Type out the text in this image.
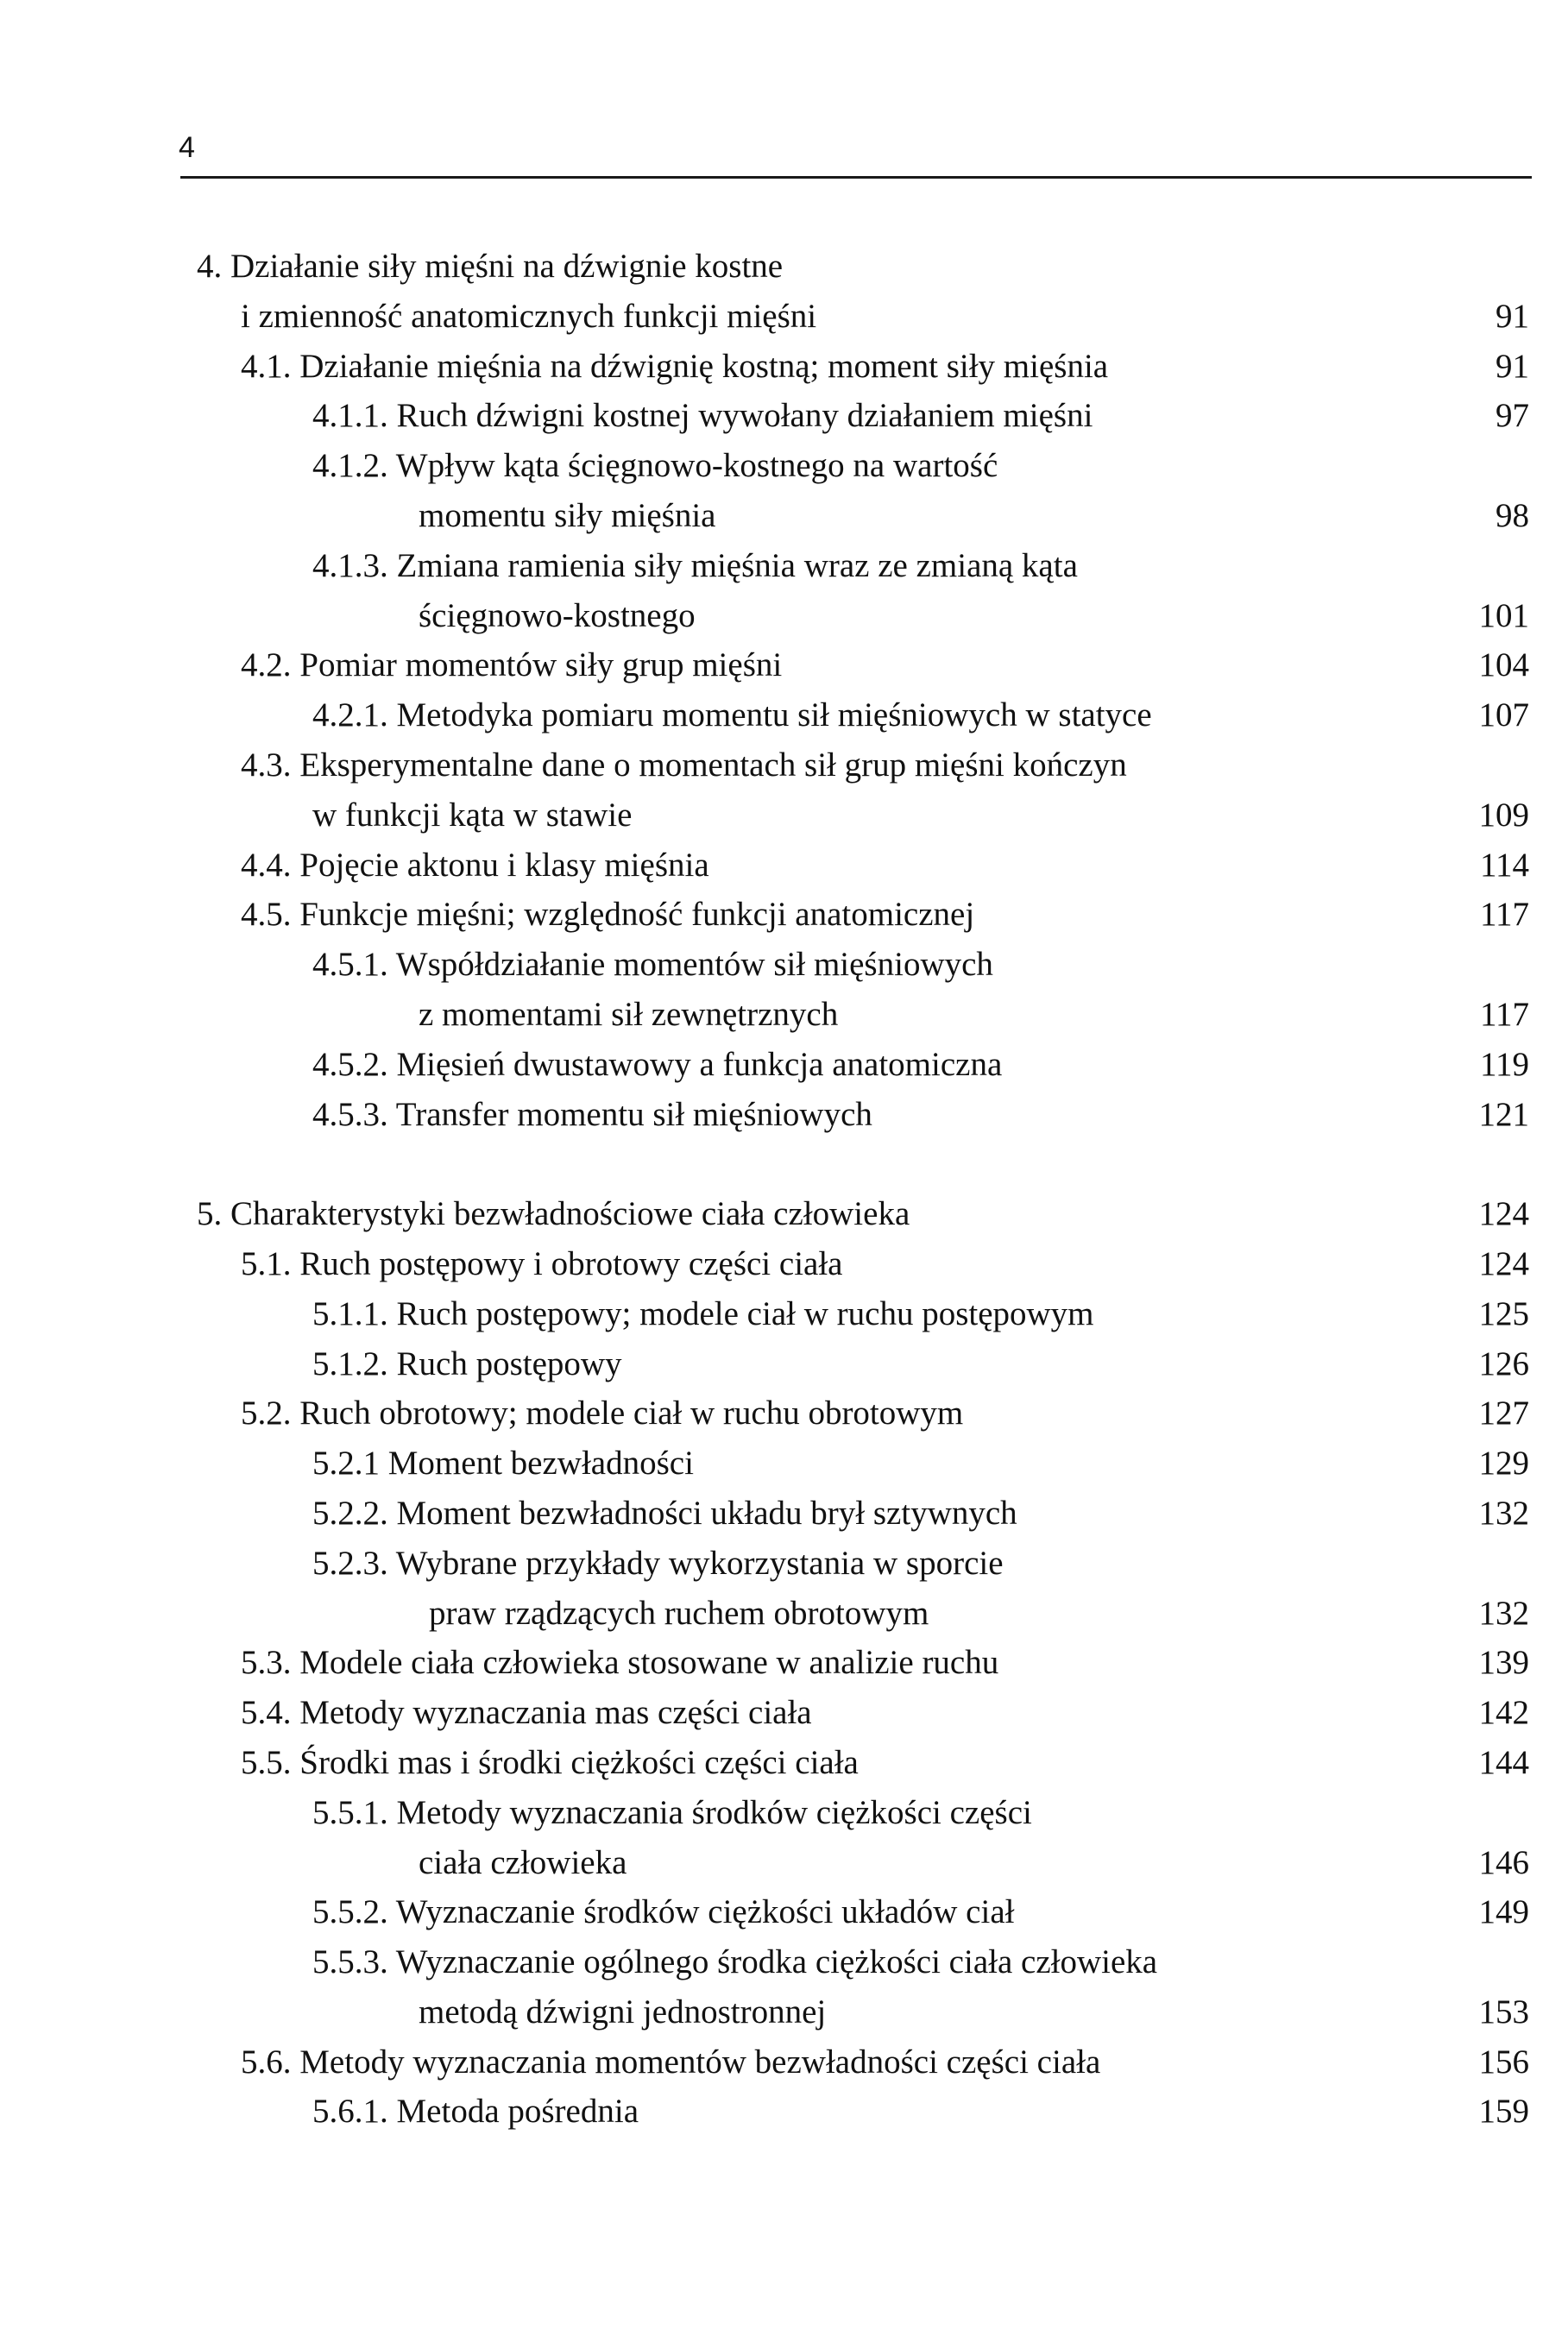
4
4. Działanie siły mięśni na dźwignie kostne
i zmienność anatomicznych funkcji mięśni	91
4.1. Działanie mięśnia na dźwignię kostną; moment siły mięśnia	91
4.1.1. Ruch dźwigni kostnej wywołany działaniem mięśni	97
4.1.2. Wpływ kąta ścięgnowo-kostnego na wartość
momentu siły mięśnia	98
4.1.3. Zmiana ramienia siły mięśnia wraz ze zmianą kąta
ścięgnowo-kostnego	101
4.2. Pomiar momentów siły grup mięśni	104
4.2.1. Metodyka pomiaru momentu sił mięśniowych w statyce	107
4.3. Eksperymentalne dane o momentach sił grup mięśni kończyn
w funkcji kąta w stawie	109
4.4. Pojęcie aktonu i klasy mięśnia	114
4.5. Funkcje mięśni; względność funkcji anatomicznej	117
4.5.1. Współdziałanie momentów sił mięśniowych
z momentami sił zewnętrznych	117
4.5.2. Mięsień dwustawowy a funkcja anatomiczna	119
4.5.3. Transfer momentu sił mięśniowych	121
5. Charakterystyki bezwładnościowe ciała człowieka	124
5.1. Ruch postępowy i obrotowy części ciała	124
5.1.1. Ruch postępowy; modele ciał w ruchu postępowym	125
5.1.2. Ruch postępowy	126
5.2. Ruch obrotowy; modele ciał w ruchu obrotowym	127
5.2.1 Moment bezwładności	129
5.2.2. Moment bezwładności układu brył sztywnych	132
5.2.3. Wybrane przykłady wykorzystania w sporcie
praw rządzących ruchem obrotowym	132
5.3. Modele ciała człowieka stosowane w analizie ruchu	139
5.4. Metody wyznaczania mas części ciała	142
5.5. Środki mas i środki ciężkości części ciała	144
5.5.1. Metody wyznaczania środków ciężkości części
ciała człowieka	146
5.5.2. Wyznaczanie środków ciężkości układów ciał	149
5.5.3. Wyznaczanie ogólnego środka ciężkości ciała człowieka
metodą dźwigni jednostronnej	153
5.6. Metody wyznaczania momentów bezwładności części ciała	156
5.6.1. Metoda pośrednia	159
